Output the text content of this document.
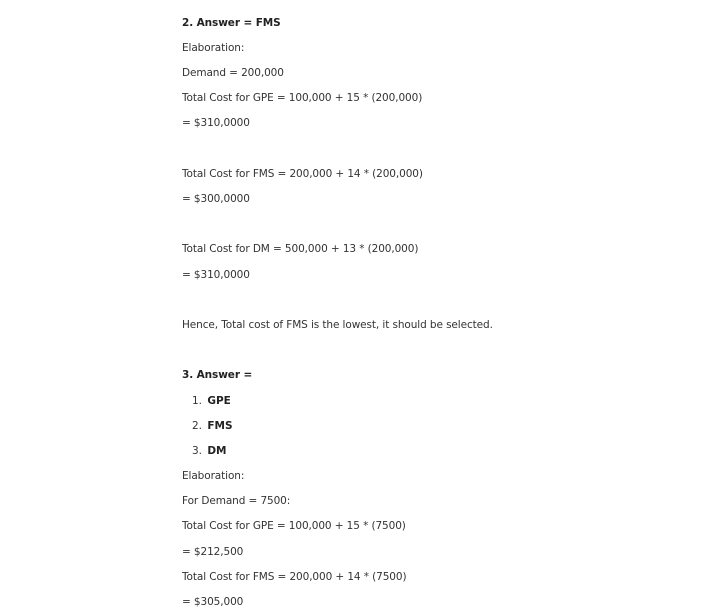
2. Answer = FMS
Elaboration:
Demand = 200,000
Total Cost for GPE = 100,000 + 15 * (200,000)
= $310,0000
Total Cost for FMS = 200,000 + 14 * (200,000)
= $300,0000
Total Cost for DM = 500,000 + 13 * (200,000)
= $310,0000
Hence, Total cost of FMS is the lowest, it should be selected.
3. Answer =
1. GPE
2. FMS
3. DM
Elaboration:
For Demand = 7500:
Total Cost for GPE = 100,000 + 15 * (7500)
= $212,500
Total Cost for FMS = 200,000 + 14 * (7500)
= $305,000
